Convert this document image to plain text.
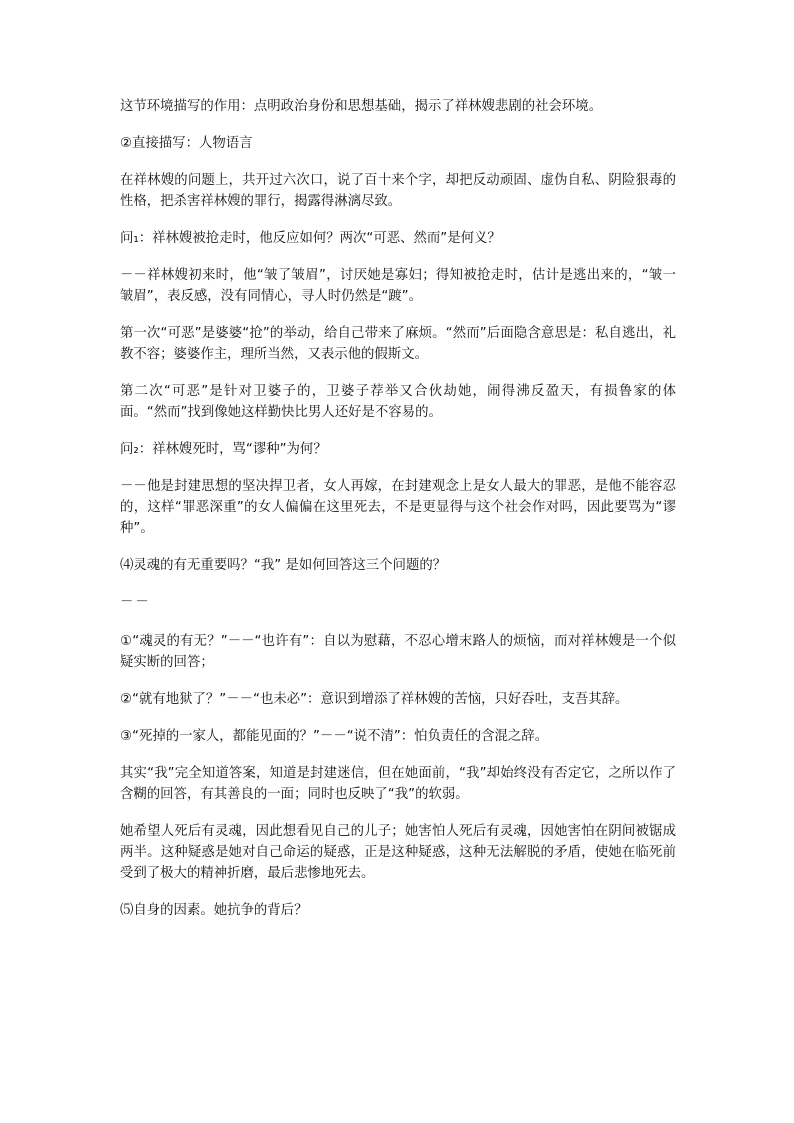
这节环境描写的作用：点明政治身份和思想基础，揭示了祥林嫂悲剧的社会环境。

②直接描写：人物语言

在祥林嫂的问题上，共开过六次口，说了百十来个字，却把反动顽固、虚伪自私、阴险狠毒的性格，把杀害祥林嫂的罪行，揭露得淋漓尽致。

问₁：祥林嫂被抢走时，他反应如何？两次“可恶、然而”是何义？

－－祥林嫂初来时，他“皱了皱眉”，讨厌她是寡妇；得知被抢走时，估计是逃出来的，“皱一皱眉”，表反感，没有同情心，寻人时仍然是“踱”。

第一次“可恶”是婆婆“抢”的举动，给自己带来了麻烦。“然而”后面隐含意思是：私自逃出，礼教不容；婆婆作主，理所当然，又表示他的假斯文。

第二次“可恶”是针对卫婆子的，卫婆子荐举又合伙劫她，闹得沸反盈天，有损鲁家的体面。“然而”找到像她这样勤快比男人还好是不容易的。

问₂：祥林嫂死时，骂“谬种”为何？

－－他是封建思想的坚决捍卫者，女人再嫁，在封建观念上是女人最大的罪恶，是他不能容忍的，这样“罪恶深重”的女人偏偏在这里死去，不是更显得与这个社会作对吗，因此要骂为“谬种”。

⑷灵魂的有无重要吗？“我” 是如何回答这三个问题的？

－－

①“魂灵的有无？”－－“也许有”：自以为慰藉，不忍心增末路人的烦恼，而对祥林嫂是一个似疑实断的回答；

②“就有地狱了？”－－“也未必”：意识到增添了祥林嫂的苦恼，只好吞吐，支吾其辞。

③“死掉的一家人，都能见面的？”－－“说不清”：怕负责任的含混之辞。

其实“我”完全知道答案，知道是封建迷信，但在她面前，“我”却始终没有否定它，之所以作了含糊的回答，有其善良的一面；同时也反映了“我”的软弱。

她希望人死后有灵魂，因此想看见自己的儿子；她害怕人死后有灵魂，因她害怕在阴间被锯成两半。这种疑惑是她对自己命运的疑惑，正是这种疑惑，这种无法解脱的矛盾，使她在临死前受到了极大的精神折磨，最后悲惨地死去。

⑸自身的因素。她抗争的背后？
